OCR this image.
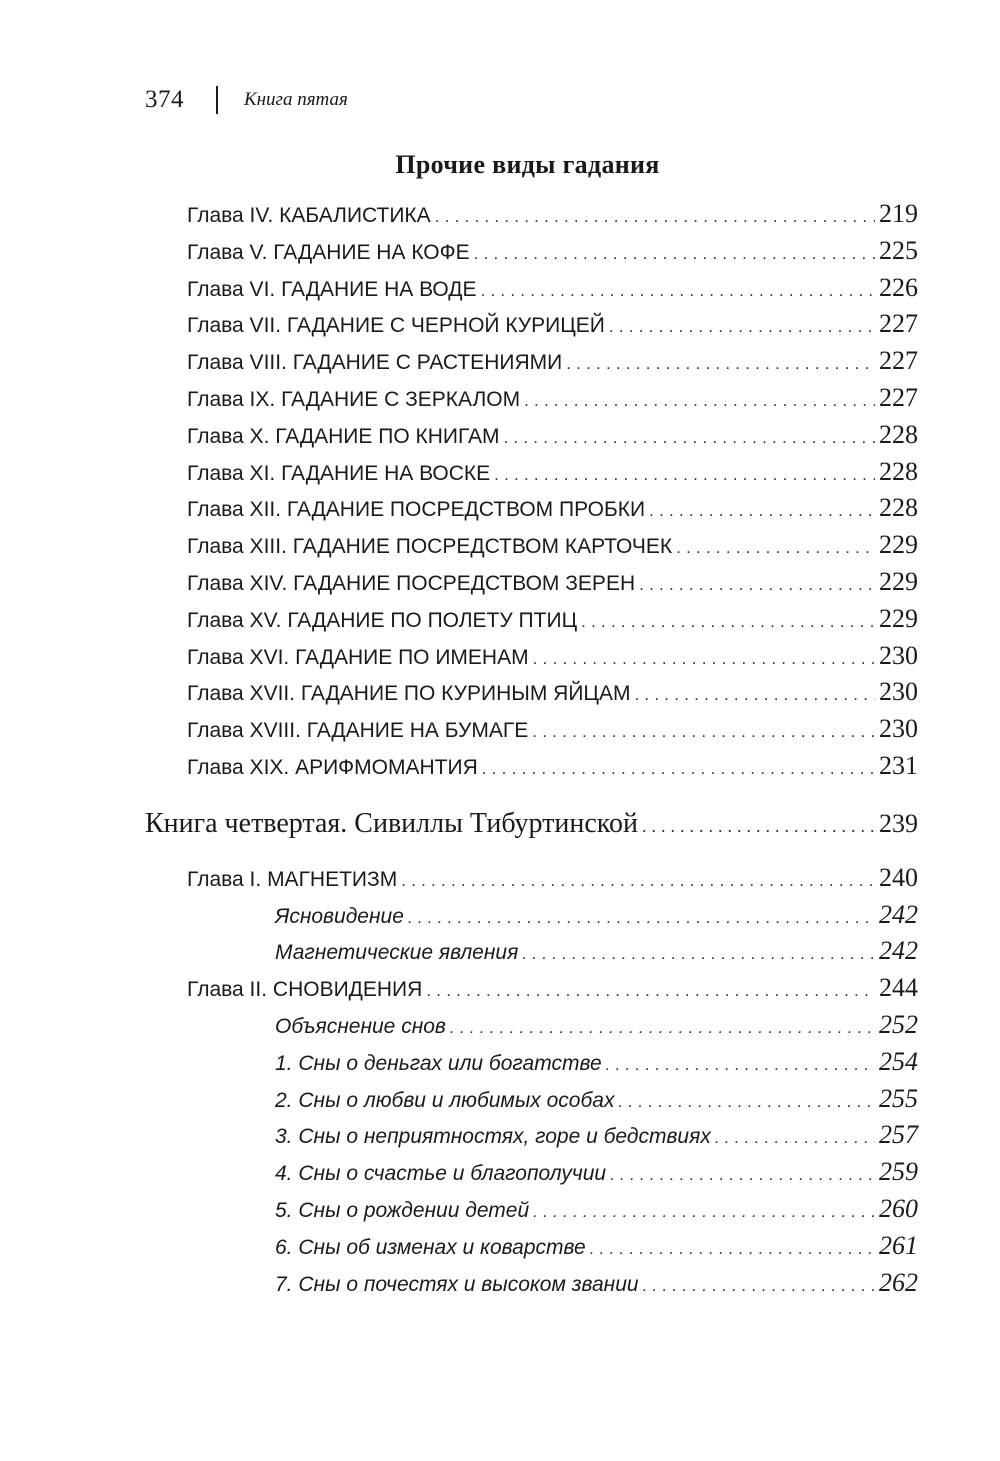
374	Книга пятая
Прочие виды гадания
Глава IV. КАБАЛИСТИКА . . .	219
Глава V. ГАДАНИЕ НА КОФЕ . . .	225
Глава VI. ГАДАНИЕ НА ВОДЕ . . .	226
Глава VII. ГАДАНИЕ С ЧЕРНОЙ КУРИЦЕЙ . . .	227
Глава VIII. ГАДАНИЕ С РАСТЕНИЯМИ . . .	227
Глава IX. ГАДАНИЕ С ЗЕРКАЛОМ . . .	227
Глава X. ГАДАНИЕ ПО КНИГАМ . . .	228
Глава XI. ГАДАНИЕ НА ВОСКЕ . . .	228
Глава XII. ГАДАНИЕ ПОСРЕДСТВОМ ПРОБКИ . . .	228
Глава XIII. ГАДАНИЕ ПОСРЕДСТВОМ КАРТОЧЕК . . .	229
Глава XIV. ГАДАНИЕ ПОСРЕДСТВОМ ЗЕРЕН . . .	229
Глава XV. ГАДАНИЕ ПО ПОЛЕТУ ПТИЦ . . .	229
Глава XVI. ГАДАНИЕ ПО ИМЕНАМ . . .	230
Глава XVII. ГАДАНИЕ ПО КУРИНЫМ ЯЙЦАМ . . .	230
Глава XVIII. ГАДАНИЕ НА БУМАГЕ . . .	230
Глава XIX. АРИФМОМАНТИЯ . . .	231
Книга четвертая. Сивиллы Тибуртинской . . .	239
Глава I. МАГНЕТИЗМ . . .	240
Ясновидение . . .	242
Магнетические явления . . .	242
Глава II. СНОВИДЕНИЯ . . .	244
Объяснение снов . . .	252
1. Сны о деньгах или богатстве . . .	254
2. Сны о любви и любимых особах . . .	255
3. Сны о неприятностях, горе и бедствиях . . .	257
4. Сны о счастье и благополучии . . .	259
5. Сны о рождении детей . . .	260
6. Сны об изменах и коварстве . . .	261
7. Сны о почестях и высоком звании . . .	262
